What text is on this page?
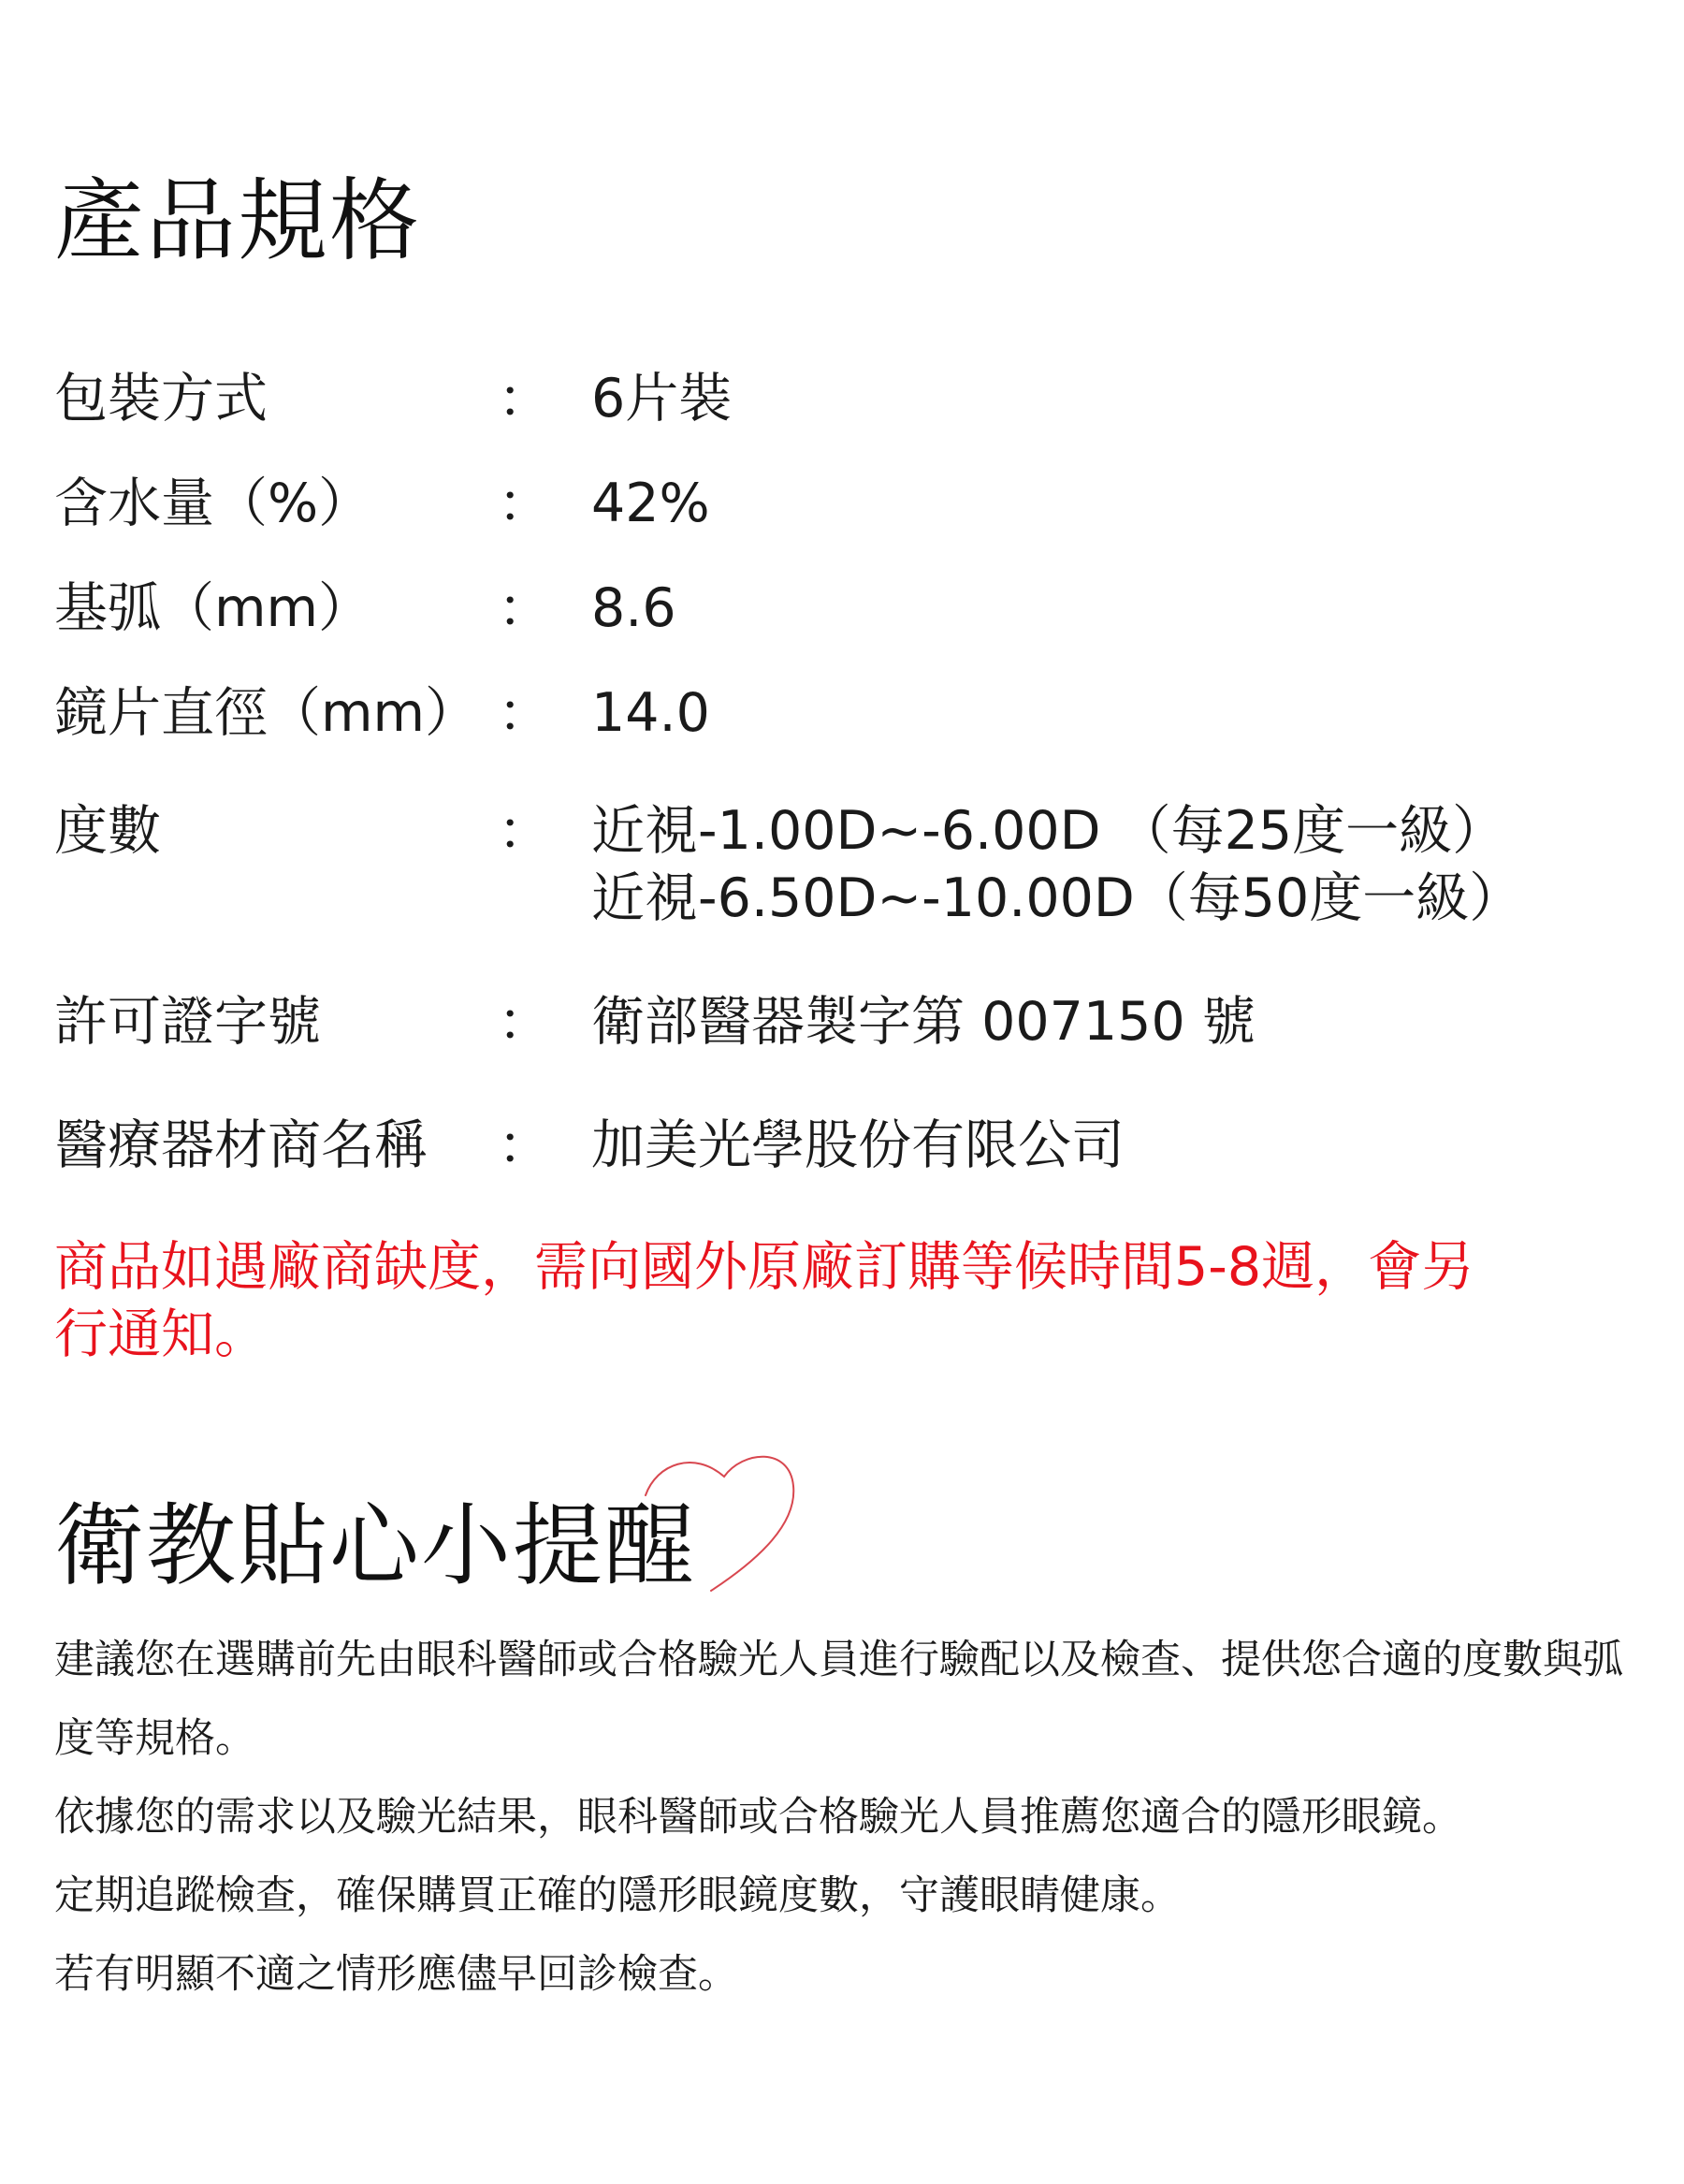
產品規格
包裝方式	： 6片裝
含水量（%） ： 42%
基弧（mm） ： 8.6
鏡片直徑（mm） ： 14.0
度數	： 近視-1.00D~-6.00D （每25度一級）
近視-6.50D~-10.00D（每50度一級）
許可證字號	： 衛部醫器製字第 007150 號
醫療器材商名稱 ： 加美光學股份有限公司

商品如遇廠商缺度，需向國外原廠訂購等候時間5-8週，會另行通知。

衛教貼心小提醒

建議您在選購前先由眼科醫師或合格驗光人員進行驗配以及檢查、提供您合適的度數與弧度等規格。

依據您的需求以及驗光結果，眼科醫師或合格驗光人員推薦您適合的隱形眼鏡。

定期追蹤檢查，確保購買正確的隱形眼鏡度數，守護眼睛健康。

若有明顯不適之情形應儘早回診檢查。
